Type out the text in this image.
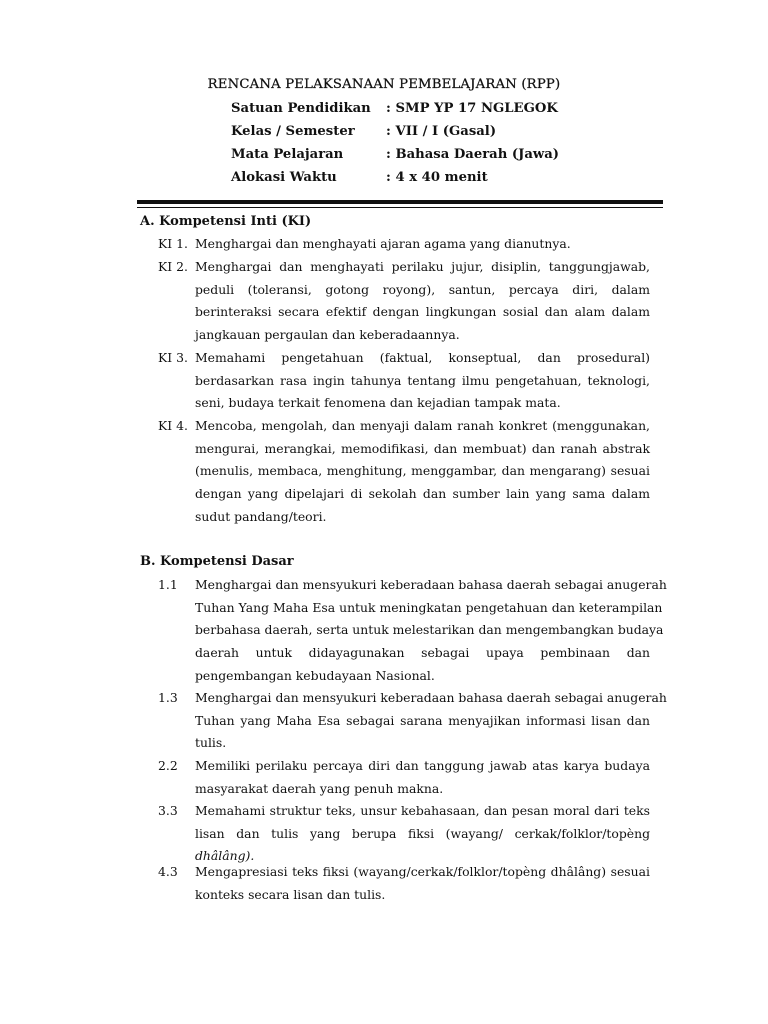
RENCANA PELAKSANAAN PEMBELAJARAN (RPP)
Satuan Pendidikan : SMP YP 17 NGLEGOK
Kelas / Semester : VII / I (Gasal)
Mata Pelajaran	: Bahasa Daerah (Jawa)
Alokasi Waktu	: 4 x 40 menit
A. Kompetensi Inti (KI)
KI 1. Menghargai dan menghayati ajaran agama yang dianutnya.
KI 2. Menghargai dan menghayati perilaku jujur, disiplin, tanggungjawab,
peduli (toleransi, gotong royong), santun, percaya diri, dalam
berinteraksi secara efektif dengan lingkungan sosial dan alam dalam
jangkauan pergaulan dan keberadaannya.
KI 3. Memahami pengetahuan (faktual, konseptual, dan prosedural)
berdasarkan rasa ingin tahunya tentang ilmu pengetahuan, teknologi,
seni, budaya terkait fenomena dan kejadian tampak mata.
KI 4. Mencoba, mengolah, dan menyaji dalam ranah konkret (menggunakan,
mengurai, merangkai, memodifikasi, dan membuat) dan ranah abstrak
(menulis, membaca, menghitung, menggambar, dan mengarang) sesuai
dengan yang dipelajari di sekolah dan sumber lain yang sama dalam
sudut pandang/teori.
B. Kompetensi Dasar
1.1 Menghargai dan mensyukuri keberadaan bahasa daerah sebagai anugerah
Tuhan Yang Maha Esa untuk meningkatan pengetahuan dan keterampilan
berbahasa daerah, serta untuk melestarikan dan mengembangkan budaya
daerah untuk didayagunakan sebagai upaya pembinaan dan
pengembangan kebudayaan Nasional.
1.3 Menghargai dan mensyukuri keberadaan bahasa daerah sebagai anugerah
Tuhan yang Maha Esa sebagai sarana menyajikan informasi lisan dan
tulis.
2.2 Memiliki perilaku percaya diri dan tanggung jawab atas karya budaya
masyarakat daerah yang penuh makna.
3.3 Memahami struktur teks, unsur kebahasaan, dan pesan moral dari teks
lisan dan tulis yang berupa fiksi (wayang/ cerkak/folklor/topèng
dhâlâng).
4.3 Mengapresiasi teks fiksi (wayang/cerkak/folklor/topèng dhâlâng) sesuai
konteks secara lisan dan tulis.
